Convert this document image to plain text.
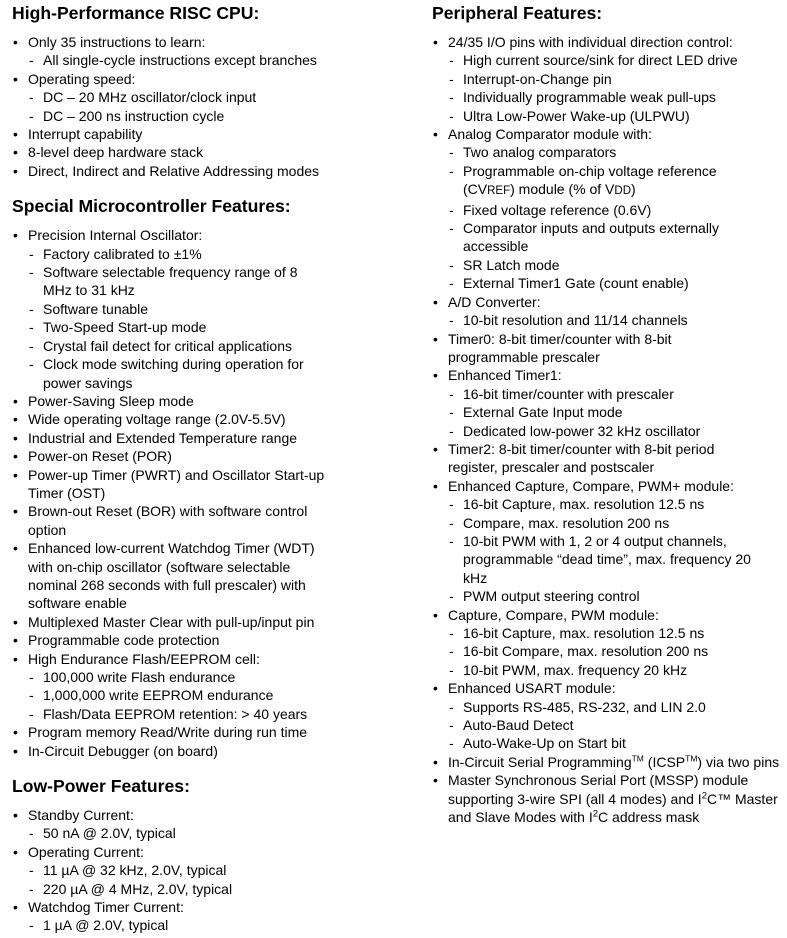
High-Performance RISC CPU:
• Only 35 instructions to learn:
- All single-cycle instructions except branches
• Operating speed:
- DC – 20 MHz oscillator/clock input
- DC – 200 ns instruction cycle
• Interrupt capability
• 8-level deep hardware stack
• Direct, Indirect and Relative Addressing modes
Special Microcontroller Features:
• Precision Internal Oscillator:
- Factory calibrated to ±1%
- Software selectable frequency range of 8 MHz to 31 kHz
- Software tunable
- Two-Speed Start-up mode
- Crystal fail detect for critical applications
- Clock mode switching during operation for power savings
• Power-Saving Sleep mode
• Wide operating voltage range (2.0V-5.5V)
• Industrial and Extended Temperature range
• Power-on Reset (POR)
• Power-up Timer (PWRT) and Oscillator Start-up Timer (OST)
• Brown-out Reset (BOR) with software control option
• Enhanced low-current Watchdog Timer (WDT) with on-chip oscillator (software selectable nominal 268 seconds with full prescaler) with software enable
• Multiplexed Master Clear with pull-up/input pin
• Programmable code protection
• High Endurance Flash/EEPROM cell:
- 100,000 write Flash endurance
- 1,000,000 write EEPROM endurance
- Flash/Data EEPROM retention: > 40 years
• Program memory Read/Write during run time
• In-Circuit Debugger (on board)
Low-Power Features:
• Standby Current:
- 50 nA @ 2.0V, typical
• Operating Current:
- 11 µA @ 32 kHz, 2.0V, typical
- 220 µA @ 4 MHz, 2.0V, typical
• Watchdog Timer Current:
- 1 µA @ 2.0V, typical
Peripheral Features:
• 24/35 I/O pins with individual direction control:
- High current source/sink for direct LED drive
- Interrupt-on-Change pin
- Individually programmable weak pull-ups
- Ultra Low-Power Wake-up (ULPWU)
• Analog Comparator module with:
- Two analog comparators
- Programmable on-chip voltage reference
(CVREF) module (% of VDD)
- Fixed voltage reference (0.6V)
- Comparator inputs and outputs externally accessible
- SR Latch mode
- External Timer1 Gate (count enable)
• A/D Converter:
- 10-bit resolution and 11/14 channels
• Timer0: 8-bit timer/counter with 8-bit programmable prescaler
• Enhanced Timer1:
- 16-bit timer/counter with prescaler
- External Gate Input mode
- Dedicated low-power 32 kHz oscillator
• Timer2: 8-bit timer/counter with 8-bit period register, prescaler and postscaler
• Enhanced Capture, Compare, PWM+ module:
- 16-bit Capture, max. resolution 12.5 ns
- Compare, max. resolution 200 ns
- 10-bit PWM with 1, 2 or 4 output channels, programmable “dead time”, max. frequency 20 kHz
- PWM output steering control
• Capture, Compare, PWM module:
- 16-bit Capture, max. resolution 12.5 ns
- 16-bit Compare, max. resolution 200 ns
- 10-bit PWM, max. frequency 20 kHz
• Enhanced USART module:
- Supports RS-485, RS-232, and LIN 2.0
- Auto-Baud Detect
- Auto-Wake-Up on Start bit
• In-Circuit Serial Programming™ (ICSP™) via two pins
• Master Synchronous Serial Port (MSSP) module supporting 3-wire SPI (all 4 modes) and $I^2C™$ Master and Slave Modes with $I^2C$ address mask
